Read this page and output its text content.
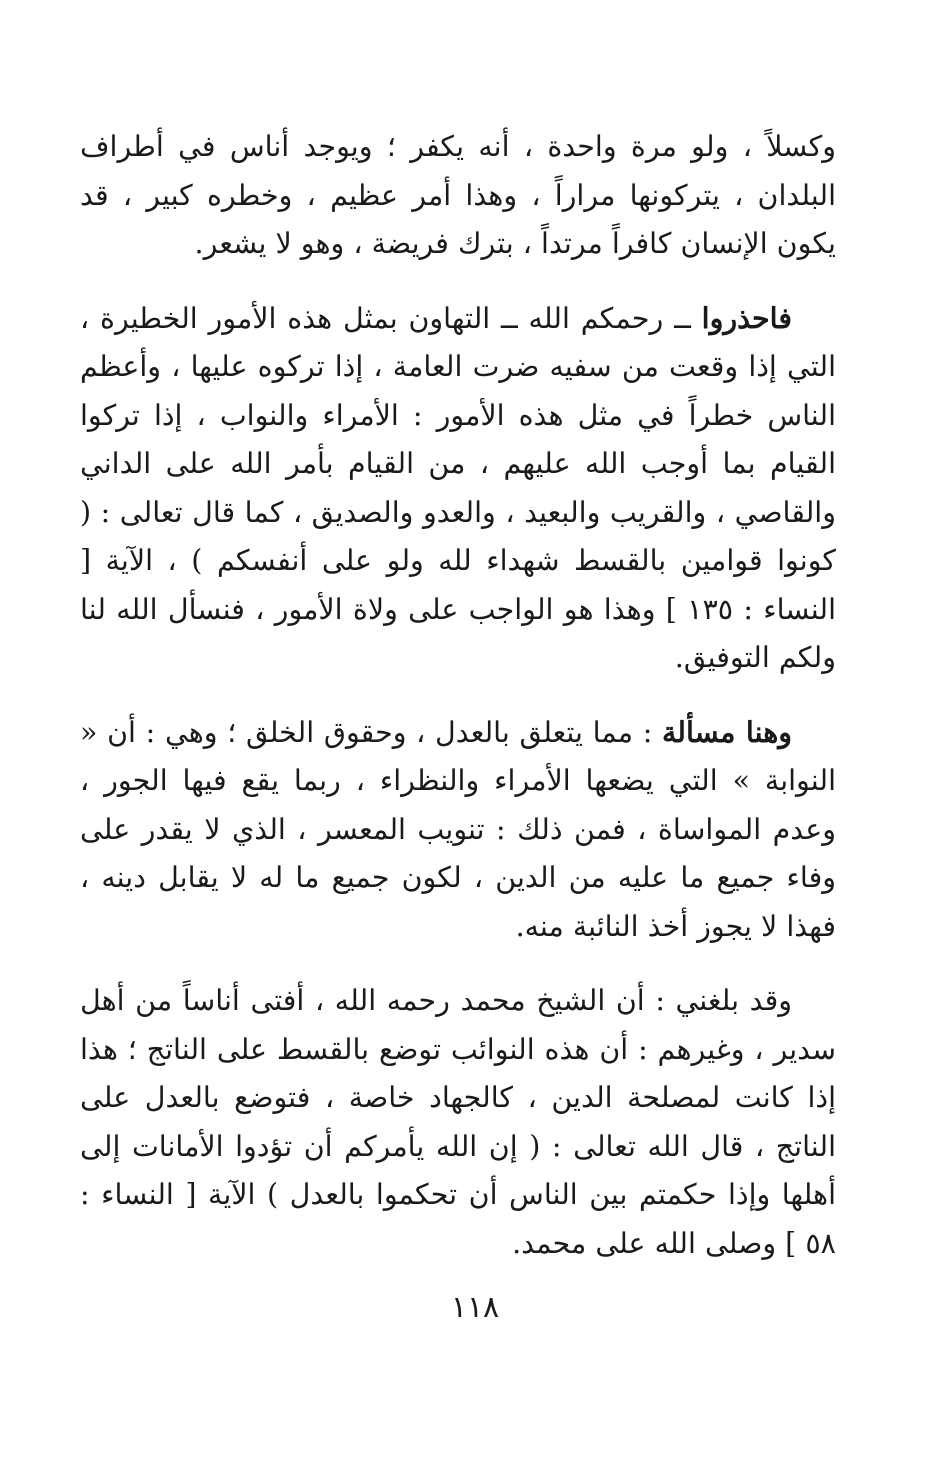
وكسلاً ، ولو مرة واحدة ، أنه يكفر ؛ ويوجد أناس في أطراف البلدان ، يتركونها مراراً ، وهذا أمر عظيم ، وخطره كبير ، قد يكون الإنسان كافراً مرتداً ، بترك فريضة ، وهو لا يشعر.

فاحذروا ــ رحمكم الله ــ التهاون بمثل هذه الأمور الخطيرة ، التي إذا وقعت من سفيه ضرت العامة ، إذا تركوه عليها ، وأعظم الناس خطراً في مثل هذه الأمور : الأمراء والنواب ، إذا تركوا القيام بما أوجب الله عليهم ، من القيام بأمر الله على الداني والقاصي ، والقريب والبعيد ، والعدو والصديق ، كما قال تعالى : ( كونوا قوامين بالقسط شهداء لله ولو على أنفسكم ) ، الآية [ النساء : ١٣٥ ] وهذا هو الواجب على ولاة الأمور ، فنسأل الله لنا ولكم التوفيق.

وهنا مسألة : مما يتعلق بالعدل ، وحقوق الخلق ؛ وهي : أن « النوابة » التي يضعها الأمراء والنظراء ، ربما يقع فيها الجور ، وعدم المواساة ، فمن ذلك : تنويب المعسر ، الذي لا يقدر على وفاء جميع ما عليه من الدين ، لكون جميع ما له لا يقابل دينه ، فهذا لا يجوز أخذ النائبة منه.

وقد بلغني : أن الشيخ محمد رحمه الله ، أفتى أناساً من أهل سدير ، وغيرهم : أن هذه النوائب توضع بالقسط على الناتج ؛ هذا إذا كانت لمصلحة الدين ، كالجهاد خاصة ، فتوضع بالعدل على الناتج ، قال الله تعالى : ( إن الله يأمركم أن تؤدوا الأمانات إلى أهلها وإذا حكمتم بين الناس أن تحكموا بالعدل ) الآية [ النساء : ٥٨ ] وصلى الله على محمد.

١١٨
